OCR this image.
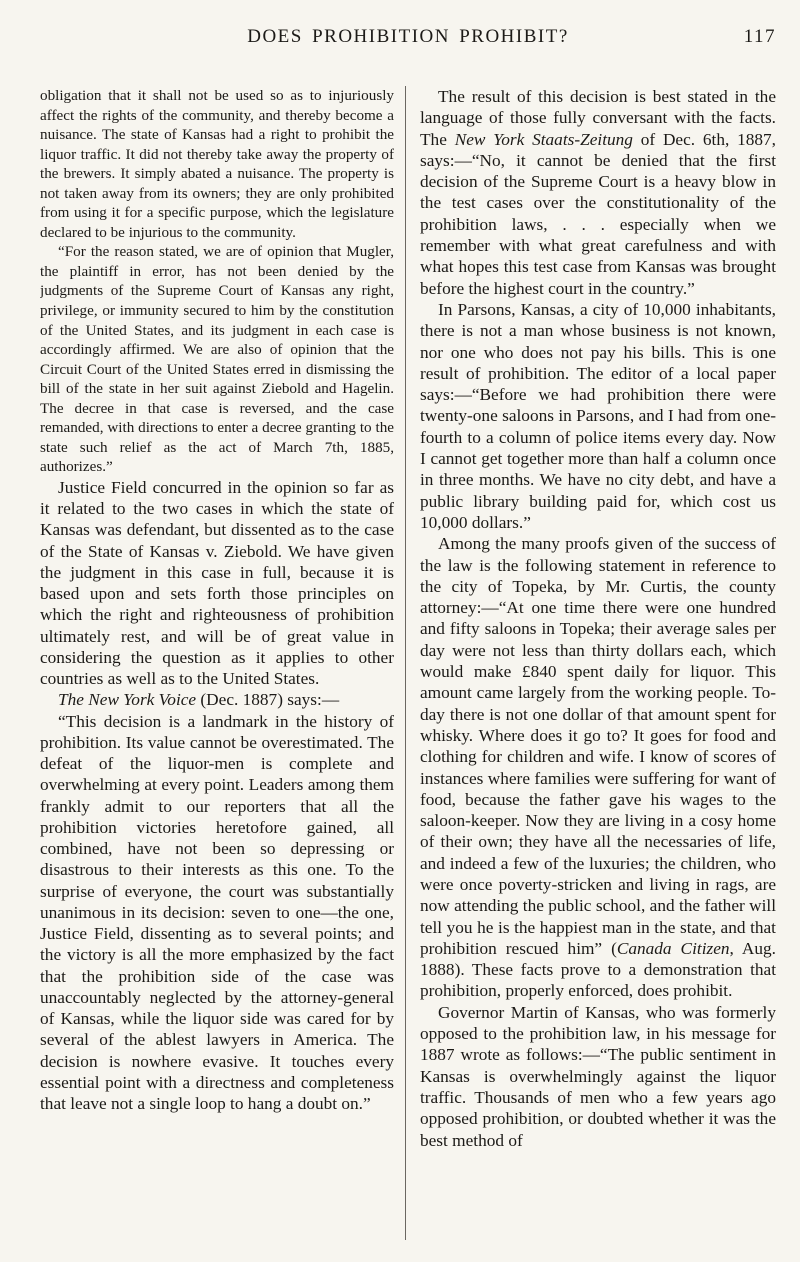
DOES PROHIBITION PROHIBIT?	117

obligation that it shall not be used so as to injuriously affect the rights of the community, and thereby become a nuisance. The state of Kansas had a right to prohibit the liquor traffic. It did not thereby take away the property of the brewers. It simply abated a nuisance. The property is not taken away from its owners; they are only prohibited from using it for a specific purpose, which the legislature declared to be injurious to the community.

“For the reason stated, we are of opinion that Mugler, the plaintiff in error, has not been denied by the judgments of the Supreme Court of Kansas any right, privilege, or immunity secured to him by the constitution of the United States, and its judgment in each case is accordingly affirmed. We are also of opinion that the Circuit Court of the United States erred in dismissing the bill of the state in her suit against Ziebold and Hagelin. The decree in that case is reversed, and the case remanded, with directions to enter a decree granting to the state such relief as the act of March 7th, 1885, authorizes.”

Justice Field concurred in the opinion so far as it related to the two cases in which the state of Kansas was defendant, but dissented as to the case of the State of Kansas v. Ziebold. We have given the judgment in this case in full, because it is based upon and sets forth those principles on which the right and righteousness of prohibition ultimately rest, and will be of great value in considering the question as it applies to other countries as well as to the United States.

The New York Voice (Dec. 1887) says:—

“This decision is a landmark in the history of prohibition. Its value cannot be overestimated. The defeat of the liquor-men is complete and overwhelming at every point. Leaders among them frankly admit to our reporters that all the prohibition victories heretofore gained, all combined, have not been so depressing or disastrous to their interests as this one. To the surprise of everyone, the court was substantially unanimous in its decision: seven to one—the one, Justice Field, dissenting as to several points; and the victory is all the more emphasized by the fact that the prohibition side of the case was unaccountably neglected by the attorney-general of Kansas, while the liquor side was cared for by several of the ablest lawyers in America. The decision is nowhere evasive. It touches every essential point with a directness and completeness that leave not a single loop to hang a doubt on.”

The result of this decision is best stated in the language of those fully conversant with the facts. The New York Staats-Zeitung of Dec. 6th, 1887, says:—“No, it cannot be denied that the first decision of the Supreme Court is a heavy blow in the test cases over the constitutionality of the prohibition laws, . . . especially when we remember with what great carefulness and with what hopes this test case from Kansas was brought before the highest court in the country.”

In Parsons, Kansas, a city of 10,000 inhabitants, there is not a man whose business is not known, nor one who does not pay his bills. This is one result of prohibition. The editor of a local paper says:—“Before we had prohibition there were twenty-one saloons in Parsons, and I had from one-fourth to a column of police items every day. Now I cannot get together more than half a column once in three months. We have no city debt, and have a public library building paid for, which cost us 10,000 dollars.”

Among the many proofs given of the success of the law is the following statement in reference to the city of Topeka, by Mr. Curtis, the county attorney:—“At one time there were one hundred and fifty saloons in Topeka; their average sales per day were not less than thirty dollars each, which would make £840 spent daily for liquor. This amount came largely from the working people. To-day there is not one dollar of that amount spent for whisky. Where does it go to? It goes for food and clothing for children and wife. I know of scores of instances where families were suffering for want of food, because the father gave his wages to the saloon-keeper. Now they are living in a cosy home of their own; they have all the necessaries of life, and indeed a few of the luxuries; the children, who were once poverty-stricken and living in rags, are now attending the public school, and the father will tell you he is the happiest man in the state, and that prohibition rescued him” (Canada Citizen, Aug. 1888). These facts prove to a demonstration that prohibition, properly enforced, does prohibit.

Governor Martin of Kansas, who was formerly opposed to the prohibition law, in his message for 1887 wrote as follows:—“The public sentiment in Kansas is overwhelmingly against the liquor traffic. Thousands of men who a few years ago opposed prohibition, or doubted whether it was the best method of
